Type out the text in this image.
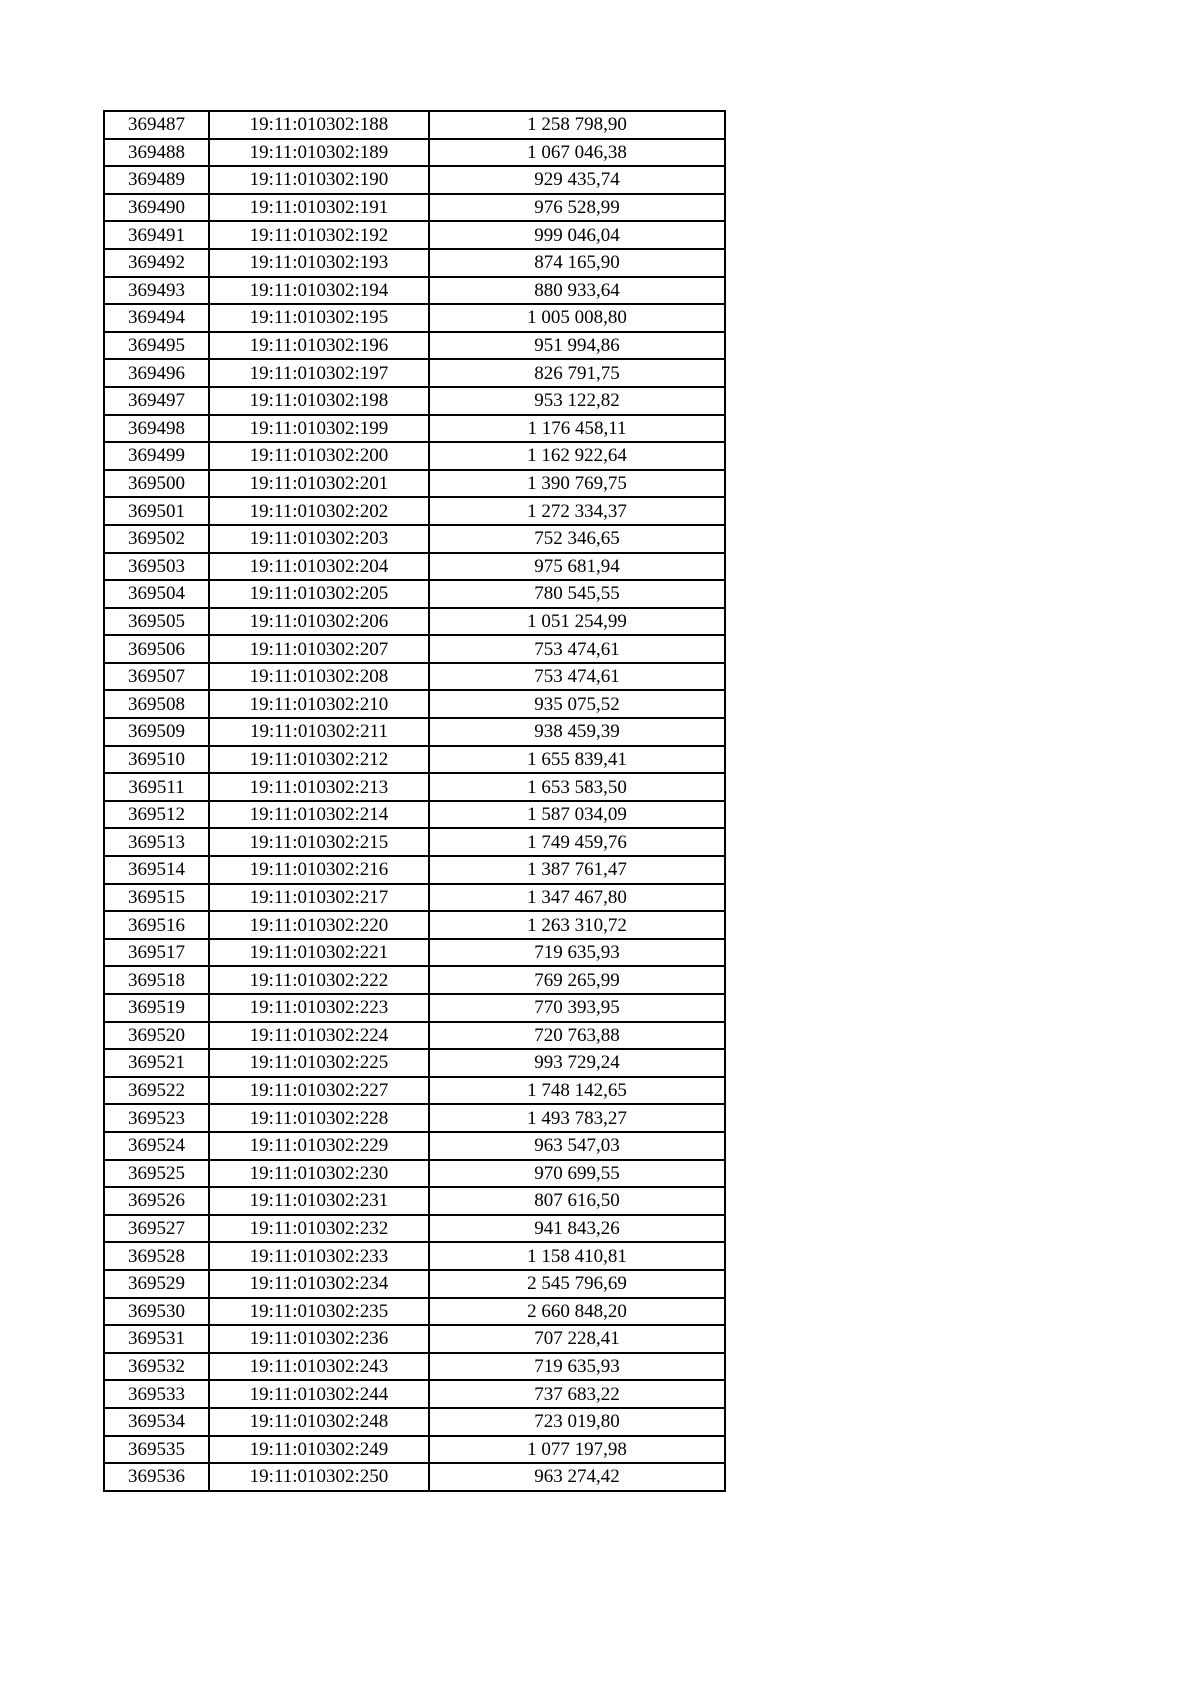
369487	19:11:010302:188	1 258 798,90
369488	19:11:010302:189	1 067 046,38
369489	19:11:010302:190	929 435,74
369490	19:11:010302:191	976 528,99
369491	19:11:010302:192	999 046,04
369492	19:11:010302:193	874 165,90
369493	19:11:010302:194	880 933,64
369494	19:11:010302:195	1 005 008,80
369495	19:11:010302:196	951 994,86
369496	19:11:010302:197	826 791,75
369497	19:11:010302:198	953 122,82
369498	19:11:010302:199	1 176 458,11
369499	19:11:010302:200	1 162 922,64
369500	19:11:010302:201	1 390 769,75
369501	19:11:010302:202	1 272 334,37
369502	19:11:010302:203	752 346,65
369503	19:11:010302:204	975 681,94
369504	19:11:010302:205	780 545,55
369505	19:11:010302:206	1 051 254,99
369506	19:11:010302:207	753 474,61
369507	19:11:010302:208	753 474,61
369508	19:11:010302:210	935 075,52
369509	19:11:010302:211	938 459,39
369510	19:11:010302:212	1 655 839,41
369511	19:11:010302:213	1 653 583,50
369512	19:11:010302:214	1 587 034,09
369513	19:11:010302:215	1 749 459,76
369514	19:11:010302:216	1 387 761,47
369515	19:11:010302:217	1 347 467,80
369516	19:11:010302:220	1 263 310,72
369517	19:11:010302:221	719 635,93
369518	19:11:010302:222	769 265,99
369519	19:11:010302:223	770 393,95
369520	19:11:010302:224	720 763,88
369521	19:11:010302:225	993 729,24
369522	19:11:010302:227	1 748 142,65
369523	19:11:010302:228	1 493 783,27
369524	19:11:010302:229	963 547,03
369525	19:11:010302:230	970 699,55
369526	19:11:010302:231	807 616,50
369527	19:11:010302:232	941 843,26
369528	19:11:010302:233	1 158 410,81
369529	19:11:010302:234	2 545 796,69
369530	19:11:010302:235	2 660 848,20
369531	19:11:010302:236	707 228,41
369532	19:11:010302:243	719 635,93
369533	19:11:010302:244	737 683,22
369534	19:11:010302:248	723 019,80
369535	19:11:010302:249	1 077 197,98
369536	19:11:010302:250	963 274,42
